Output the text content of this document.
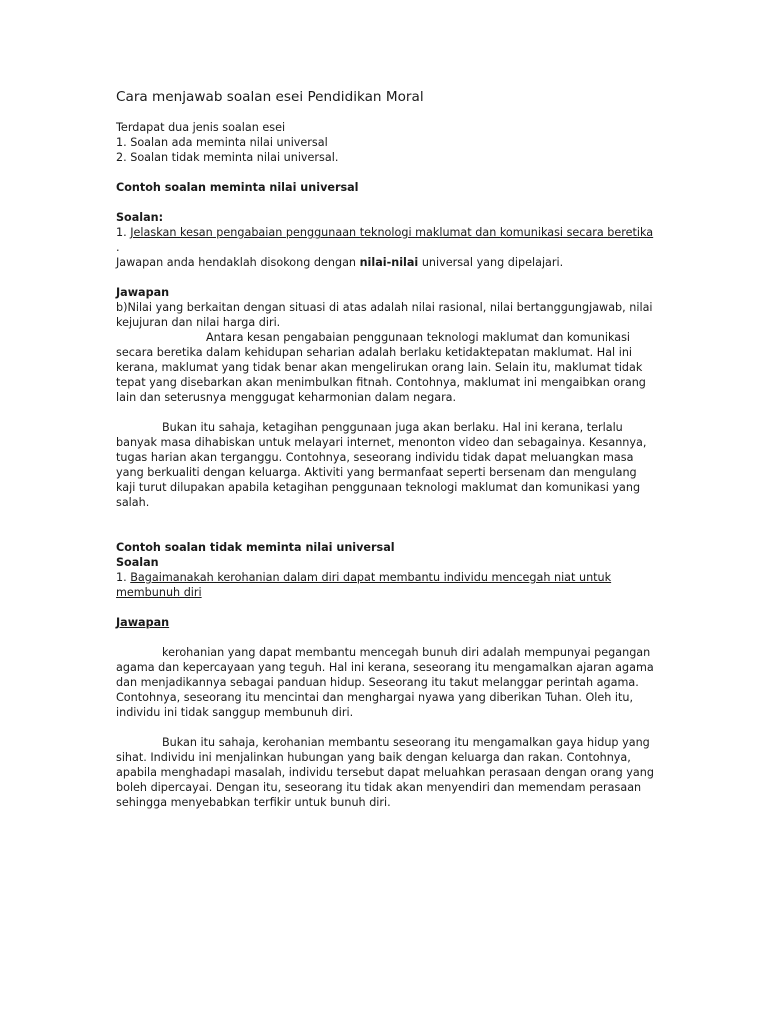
Cara menjawab soalan esei Pendidikan Moral

Terdapat dua jenis soalan esei

1. Soalan ada meminta nilai universal

2. Soalan tidak meminta nilai universal.

Contoh soalan meminta nilai universal

Soalan:

1. Jelaskan kesan pengabaian penggunaan teknologi maklumat dan komunikasi secara beretika .

Jawapan anda hendaklah disokong dengan nilai-nilai universal yang dipelajari.

Jawapan

b)Nilai yang berkaitan dengan situasi di atas adalah nilai rasional, nilai bertanggungjawab, nilai kejujuran dan nilai harga diri.

Antara kesan pengabaian penggunaan teknologi maklumat dan komunikasi secara beretika dalam kehidupan seharian adalah berlaku ketidaktepatan maklumat. Hal ini kerana, maklumat yang tidak benar akan mengelirukan orang lain. Selain itu, maklumat tidak tepat yang disebarkan akan menimbulkan fitnah. Contohnya, maklumat ini mengaibkan orang lain dan seterusnya menggugat keharmonian dalam negara.

Bukan itu sahaja, ketagihan penggunaan juga akan berlaku. Hal ini kerana, terlalu banyak masa dihabiskan untuk melayari internet, menonton video dan sebagainya. Kesannya, tugas harian akan terganggu. Contohnya, seseorang individu tidak dapat meluangkan masa yang berkualiti dengan keluarga. Aktiviti yang bermanfaat seperti bersenam dan mengulang kaji turut dilupakan apabila ketagihan penggunaan teknologi maklumat dan komunikasi yang salah.

Contoh soalan tidak meminta nilai universal

Soalan

1. Bagaimanakah kerohanian dalam diri dapat membantu individu mencegah niat untuk membunuh diri

Jawapan

kerohanian yang dapat membantu mencegah bunuh diri adalah mempunyai pegangan agama dan kepercayaan yang teguh. Hal ini kerana, seseorang itu mengamalkan ajaran agama dan menjadikannya sebagai panduan hidup. Seseorang itu takut melanggar perintah agama. Contohnya, seseorang itu mencintai dan menghargai nyawa yang diberikan Tuhan. Oleh itu, individu ini tidak sanggup membunuh diri.

Bukan itu sahaja, kerohanian membantu seseorang itu mengamalkan gaya hidup yang sihat. Individu ini menjalinkan hubungan yang baik dengan keluarga dan rakan. Contohnya, apabila menghadapi masalah, individu tersebut dapat meluahkan perasaan dengan orang yang boleh dipercayai. Dengan itu, seseorang itu tidak akan menyendiri dan memendam perasaan sehingga menyebabkan terfikir untuk bunuh diri.
